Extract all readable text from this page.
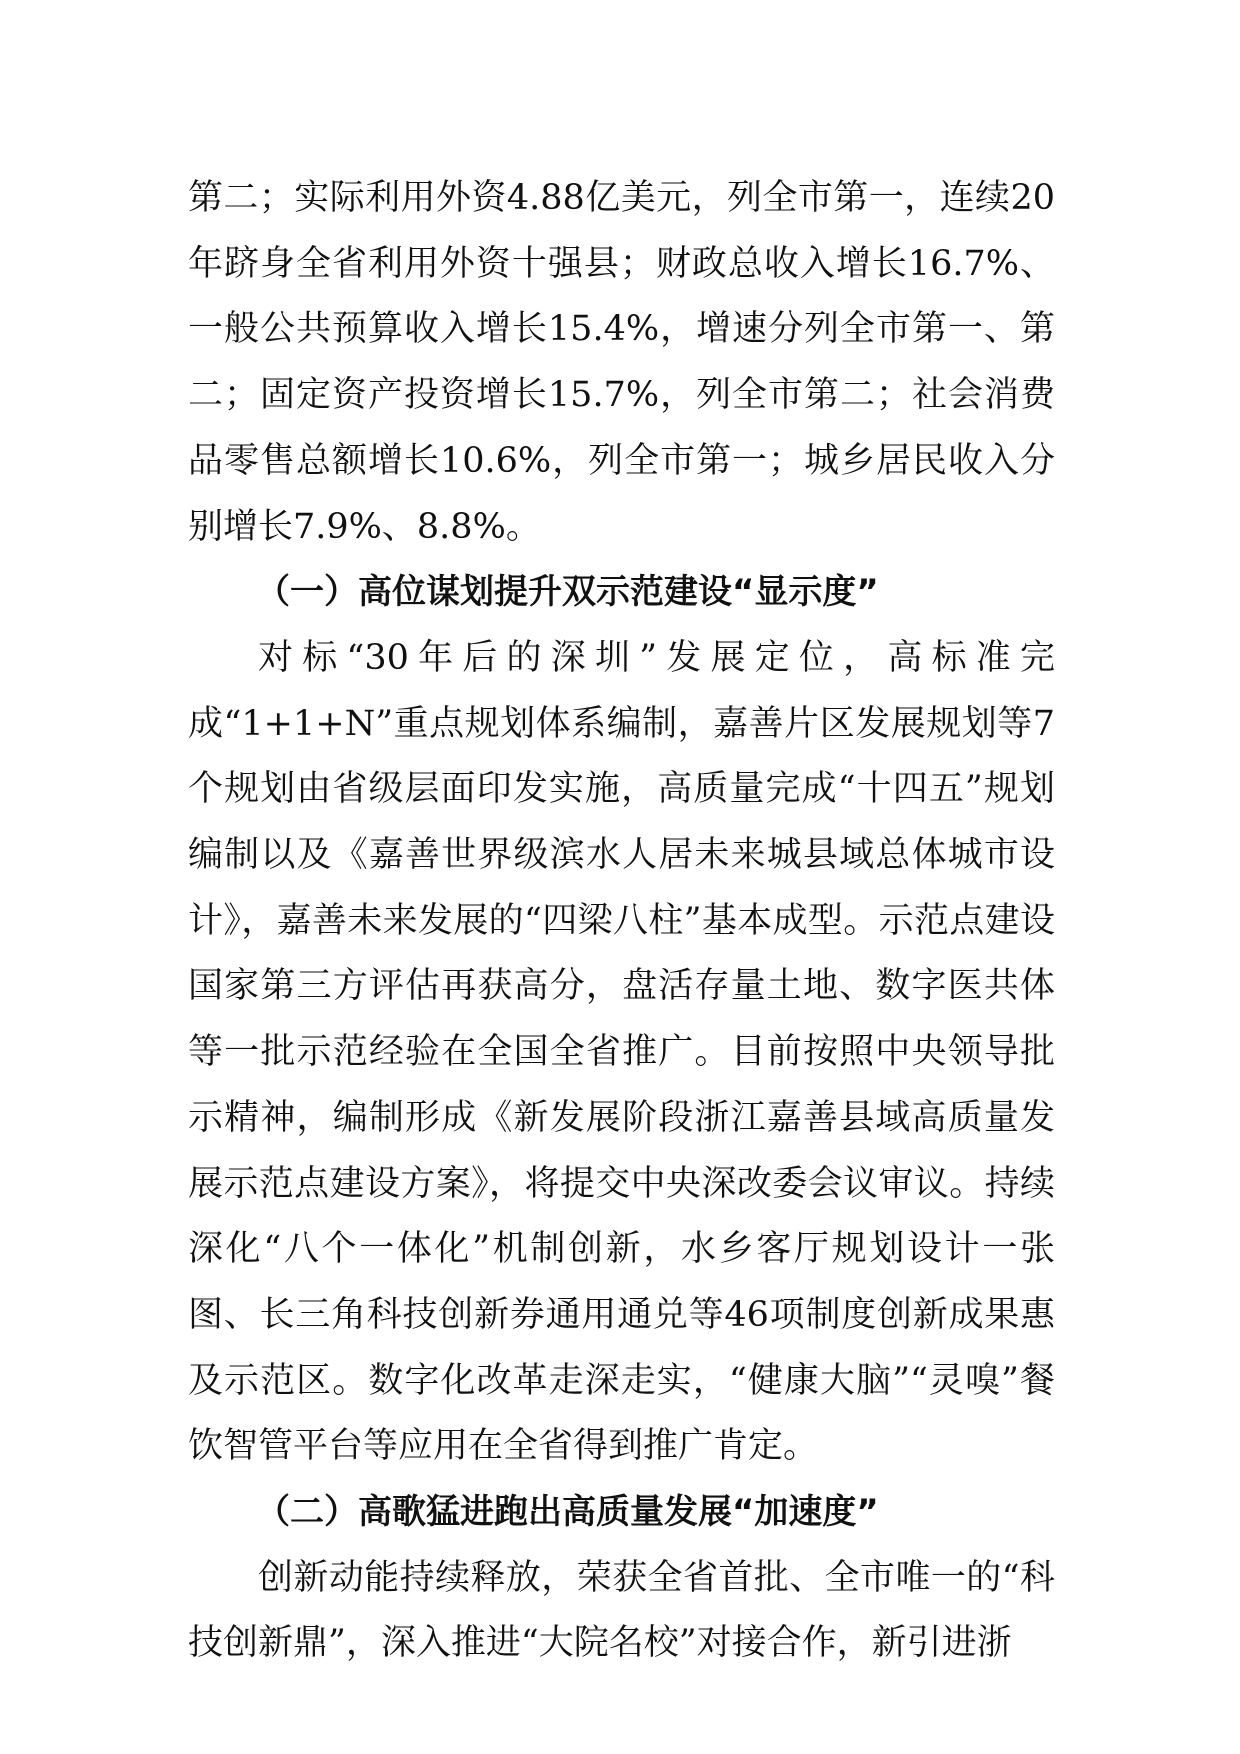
第二；实际利用外资4.88亿美元，列全市第一，连续20年跻身全省利用外资十强县；财政总收入增长16.7%、一般公共预算收入增长15.4%，增速分列全市第一、第二；固定资产投资增长15.7%，列全市第二；社会消费品零售总额增长10.6%，列全市第一；城乡居民收入分别增长7.9%、8.8%。

（一）高位谋划提升双示范建设“显示度”

对标“30年后的深圳”发展定位，高标准完成“1+1+N”重点规划体系编制，嘉善片区发展规划等7个规划由省级层面印发实施，高质量完成“十四五”规划编制以及《嘉善世界级滨水人居未来城县域总体城市设计》，嘉善未来发展的“四梁八柱”基本成型。示范点建设国家第三方评估再获高分，盘活存量土地、数字医共体等一批示范经验在全国全省推广。目前按照中央领导批示精神，编制形成《新发展阶段浙江嘉善县域高质量发展示范点建设方案》，将提交中央深改委会议审议。持续深化“八个一体化”机制创新，水乡客厅规划设计一张图、长三角科技创新券通用通兑等46项制度创新成果惠及示范区。数字化改革走深走实，“健康大脑”“灵嗅”餐饮智管平台等应用在全省得到推广肯定。

（二）高歌猛进跑出高质量发展“加速度”

创新动能持续释放，荣获全省首批、全市唯一的“科技创新鼎”，深入推进“大院名校”对接合作，新引进浙
